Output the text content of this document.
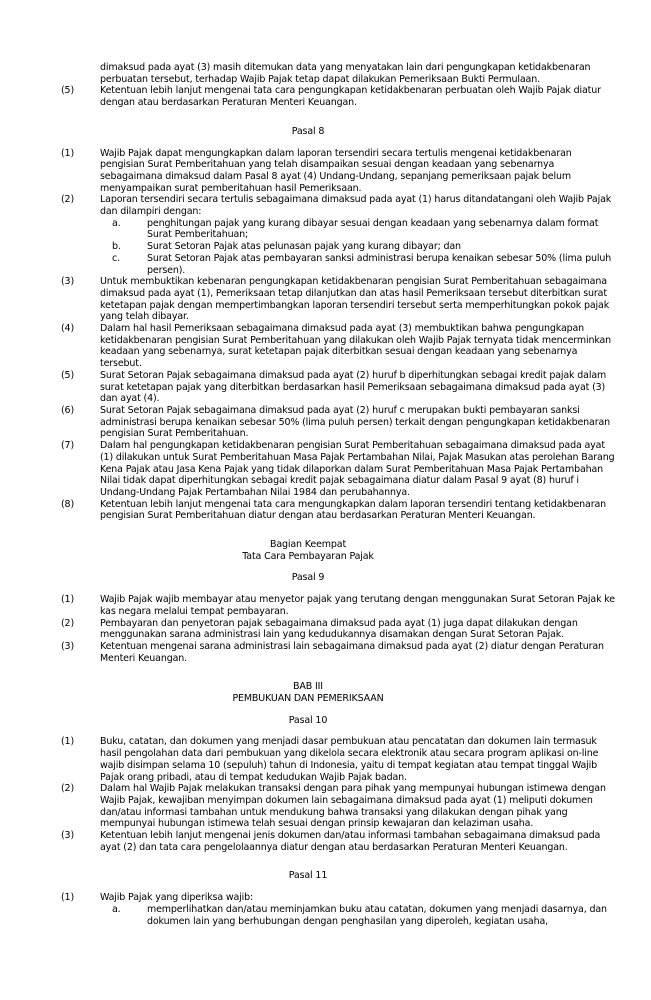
dimaksud pada ayat (3) masih ditemukan data yang menyatakan lain dari pengungkapan ketidakbenaran perbuatan tersebut, terhadap Wajib Pajak tetap dapat dilakukan Pemeriksaan Bukti Permulaan.
(5)	Ketentuan lebih lanjut mengenai tata cara pengungkapan ketidakbenaran perbuatan oleh Wajib Pajak diatur dengan atau berdasarkan Peraturan Menteri Keuangan.
Pasal 8
(1)	Wajib Pajak dapat mengungkapkan dalam laporan tersendiri secara tertulis mengenai ketidakbenaran pengisian Surat Pemberitahuan yang telah disampaikan sesuai dengan keadaan yang sebenarnya sebagaimana dimaksud dalam Pasal 8 ayat (4) Undang-Undang, sepanjang pemeriksaan pajak belum menyampaikan surat pemberitahuan hasil Pemeriksaan.
(2)	Laporan tersendiri secara tertulis sebagaimana dimaksud pada ayat (1) harus ditandatangani oleh Wajib Pajak dan dilampiri dengan:
a.	penghitungan pajak yang kurang dibayar sesuai dengan keadaan yang sebenarnya dalam format Surat Pemberitahuan;
b.	Surat Setoran Pajak atas pelunasan pajak yang kurang dibayar; dan
c.	Surat Setoran Pajak atas pembayaran sanksi administrasi berupa kenaikan sebesar 50% (lima puluh persen).
(3)	Untuk membuktikan kebenaran pengungkapan ketidakbenaran pengisian Surat Pemberitahuan sebagaimana dimaksud pada ayat (1), Pemeriksaan tetap dilanjutkan dan atas hasil Pemeriksaan tersebut diterbitkan surat ketetapan pajak dengan mempertimbangkan laporan tersendiri tersebut serta memperhitungkan pokok pajak yang telah dibayar.
(4)	Dalam hal hasil Pemeriksaan sebagaimana dimaksud pada ayat (3) membuktikan bahwa pengungkapan ketidakbenaran pengisian Surat Pemberitahuan yang dilakukan oleh Wajib Pajak ternyata tidak mencerminkan keadaan yang sebenarnya, surat ketetapan pajak diterbitkan sesuai dengan keadaan yang sebenarnya tersebut.
(5)	Surat Setoran Pajak sebagaimana dimaksud pada ayat (2) huruf b diperhitungkan sebagai kredit pajak dalam surat ketetapan pajak yang diterbitkan berdasarkan hasil Pemeriksaan sebagaimana dimaksud pada ayat (3) dan ayat (4).
(6)	Surat Setoran Pajak sebagaimana dimaksud pada ayat (2) huruf c merupakan bukti pembayaran sanksi administrasi berupa kenaikan sebesar 50% (lima puluh persen) terkait dengan pengungkapan ketidakbenaran pengisian Surat Pemberitahuan.
(7)	Dalam hal pengungkapan ketidakbenaran pengisian Surat Pemberitahuan sebagaimana dimaksud pada ayat (1) dilakukan untuk Surat Pemberitahuan Masa Pajak Pertambahan Nilai, Pajak Masukan atas perolehan Barang Kena Pajak atau Jasa Kena Pajak yang tidak dilaporkan dalam Surat Pemberitahuan Masa Pajak Pertambahan Nilai tidak dapat diperhitungkan sebagai kredit pajak sebagaimana diatur dalam Pasal 9 ayat (8) huruf i Undang-Undang Pajak Pertambahan Nilai 1984 dan perubahannya.
(8)	Ketentuan lebih lanjut mengenai tata cara mengungkapkan dalam laporan tersendiri tentang ketidakbenaran pengisian Surat Pemberitahuan diatur dengan atau berdasarkan Peraturan Menteri Keuangan.
Bagian Keempat
Tata Cara Pembayaran Pajak
Pasal 9
(1)	Wajib Pajak wajib membayar atau menyetor pajak yang terutang dengan menggunakan Surat Setoran Pajak ke kas negara melalui tempat pembayaran.
(2)	Pembayaran dan penyetoran pajak sebagaimana dimaksud pada ayat (1) juga dapat dilakukan dengan menggunakan sarana administrasi lain yang kedudukannya disamakan dengan Surat Setoran Pajak.
(3)	Ketentuan mengenai sarana administrasi lain sebagaimana dimaksud pada ayat (2) diatur dengan Peraturan Menteri Keuangan.
BAB III
PEMBUKUAN DAN PEMERIKSAAN
Pasal 10
(1)	Buku, catatan, dan dokumen yang menjadi dasar pembukuan atau pencatatan dan dokumen lain termasuk hasil pengolahan data dari pembukuan yang dikelola secara elektronik atau secara program aplikasi on-line wajib disimpan selama 10 (sepuluh) tahun di Indonesia, yaitu di tempat kegiatan atau tempat tinggal Wajib Pajak orang pribadi, atau di tempat kedudukan Wajib Pajak badan.
(2)	Dalam hal Wajib Pajak melakukan transaksi dengan para pihak yang mempunyai hubungan istimewa dengan Wajib Pajak, kewajiban menyimpan dokumen lain sebagaimana dimaksud pada ayat (1) meliputi dokumen dan/atau informasi tambahan untuk mendukung bahwa transaksi yang dilakukan dengan pihak yang mempunyai hubungan istimewa telah sesuai dengan prinsip kewajaran dan kelaziman usaha.
(3)	Ketentuan lebih lanjut mengenai jenis dokumen dan/atau informasi tambahan sebagaimana dimaksud pada ayat (2) dan tata cara pengelolaannya diatur dengan atau berdasarkan Peraturan Menteri Keuangan.
Pasal 11
(1)	Wajib Pajak yang diperiksa wajib:
a.	memperlihatkan dan/atau meminjamkan buku atau catatan, dokumen yang menjadi dasarnya, dan dokumen lain yang berhubungan dengan penghasilan yang diperoleh, kegiatan usaha,
